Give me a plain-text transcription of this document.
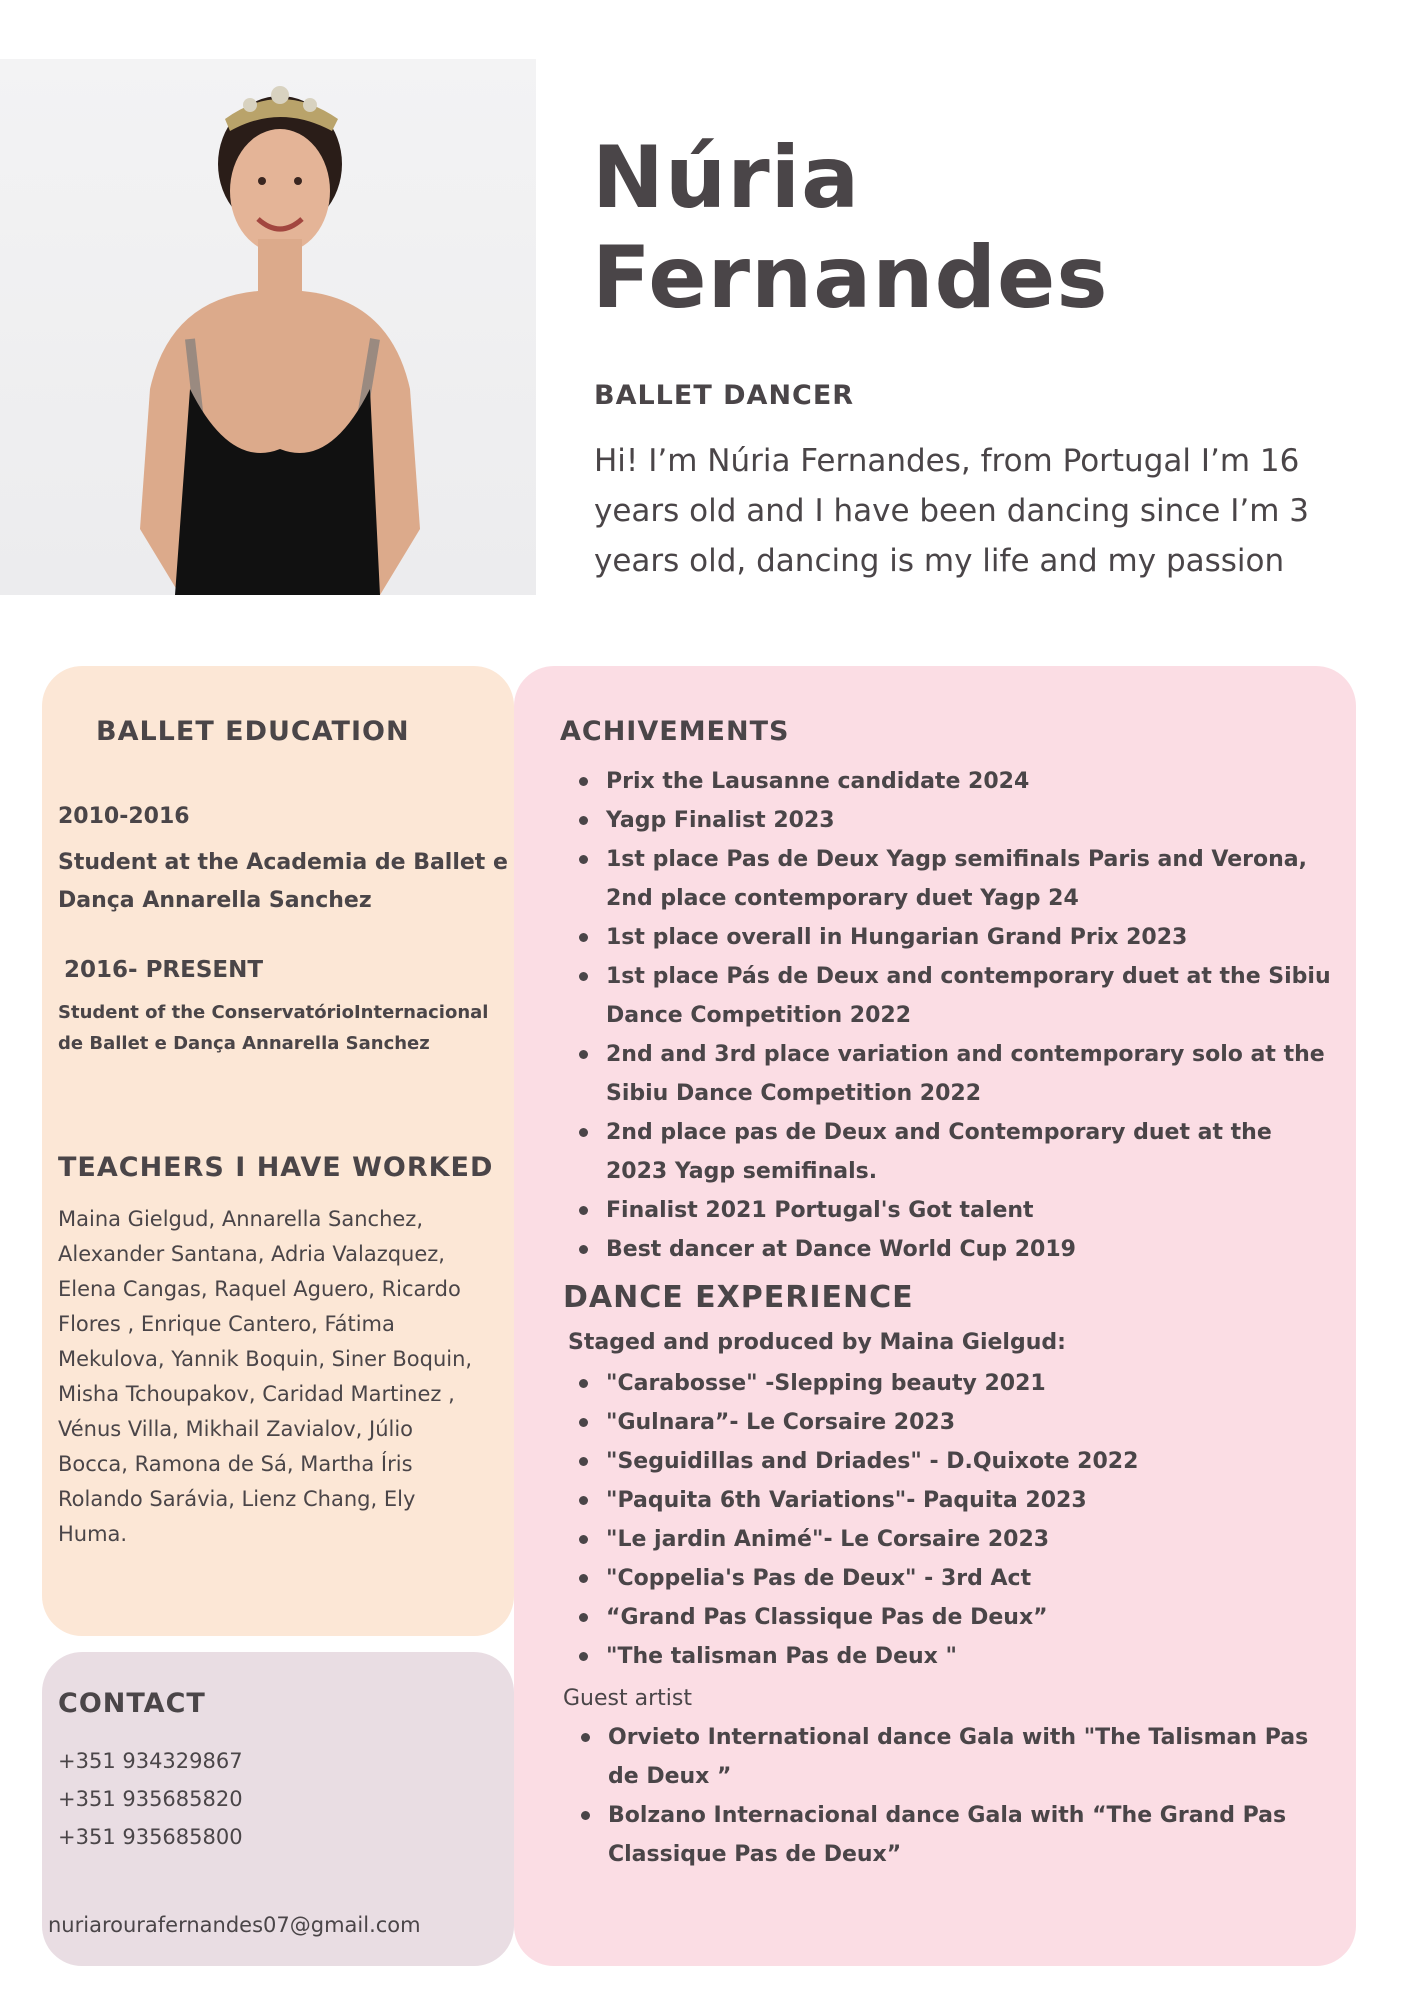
Núria
Fernandes
BALLET DANCER
Hi! I’m Núria Fernandes, from Portugal I’m 16 years old and I have been dancing since I’m 3 years old, dancing is my life and my passion
BALLET EDUCATION
2010-2016
Student at the Academia de Ballet e Dança Annarella Sanchez
2016- PRESENT
Student of the ConservatórioInternacional de Ballet e Dança Annarella Sanchez
TEACHERS I HAVE WORKED
Maina Gielgud, Annarella Sanchez, Alexander Santana, Adria Valazquez, Elena Cangas, Raquel Aguero, Ricardo Flores , Enrique Cantero, Fátima Mekulova, Yannik Boquin, Siner Boquin, Misha Tchoupakov, Caridad Martinez , Vénus Villa, Mikhail Zavialov, Júlio Bocca, Ramona de Sá, Martha Íris Rolando Sarávia, Lienz Chang, Ely Huma.
CONTACT
+351 934329867
+351 935685820
+351 935685800
nuriarourafernandes07@gmail.com
ACHIVEMENTS
Prix the Lausanne candidate 2024
Yagp Finalist 2023
1st place Pas de Deux Yagp semifinals Paris and Verona, 2nd place contemporary duet Yagp 24
1st place overall in Hungarian Grand Prix 2023
1st place Pás de Deux and contemporary duet at the Sibiu Dance Competition 2022
2nd and 3rd place variation and contemporary solo at the Sibiu Dance Competition 2022
2nd place pas de Deux and Contemporary duet at the 2023 Yagp semifinals.
Finalist 2021 Portugal's Got talent
Best dancer at Dance World Cup 2019
DANCE EXPERIENCE
Staged and produced by Maina Gielgud:
"Carabosse" -Slepping beauty 2021
"Gulnara”- Le Corsaire 2023
"Seguidillas and Driades" - D.Quixote 2022
"Paquita 6th Variations"- Paquita 2023
"Le jardin Animé"- Le Corsaire 2023
"Coppelia's Pas de Deux" - 3rd Act
“Grand Pas Classique Pas de Deux”
"The talisman Pas de Deux "
Guest artist
Orvieto International dance Gala with "The Talisman Pas de Deux ”
Bolzano Internacional dance Gala with “The Grand Pas Classique Pas de Deux”
